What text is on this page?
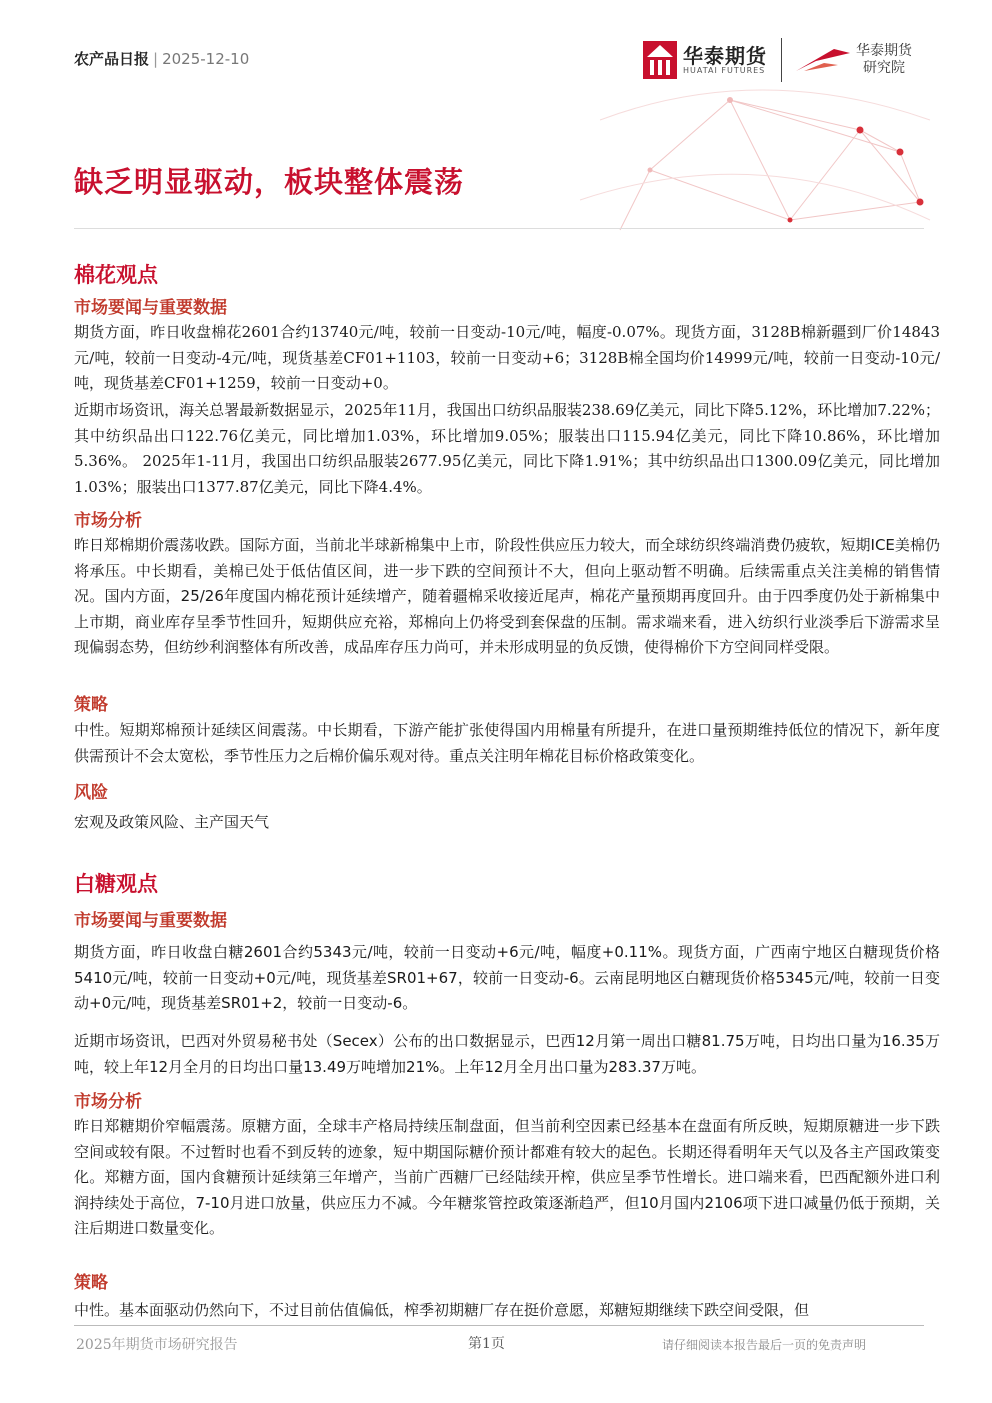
农产品日报 | 2025-12-10	华泰期货
HUATAI FUTURES
华泰期货
研究院
缺乏明显驱动，板块整体震荡
棉花观点
市场要闻与重要数据
期货方面，昨日收盘棉花2601合约13740元/吨，较前一日变动-10元/吨，幅度-0.07%。现货方面，3128B棉新疆到厂价14843元/吨，较前一日变动-4元/吨，现货基差CF01+1103，较前一日变动+6；3128B棉全国均价14999元/吨，较前一日变动-10元/吨，现货基差CF01+1259，较前一日变动+0。
近期市场资讯，海关总署最新数据显示，2025年11月，我国出口纺织品服装238.69亿美元，同比下降5.12%，环比增加7.22%；其中纺织品出口122.76亿美元，同比增加1.03%，环比增加9.05%；服装出口115.94亿美元，同比下降10.86%，环比增加5.36%。 2025年1-11月，我国出口纺织品服装2677.95亿美元，同比下降1.91%；其中纺织品出口1300.09亿美元，同比增加1.03%；服装出口1377.87亿美元，同比下降4.4%。
市场分析
昨日郑棉期价震荡收跌。国际方面，当前北半球新棉集中上市，阶段性供应压力较大，而全球纺织终端消费仍疲软，短期ICE美棉仍将承压。中长期看，美棉已处于低估值区间，进一步下跌的空间预计不大，但向上驱动暂不明确。后续需重点关注美棉的销售情况。国内方面，25/26年度国内棉花预计延续增产，随着疆棉采收接近尾声，棉花产量预期再度回升。由于四季度仍处于新棉集中上市期，商业库存呈季节性回升，短期供应充裕，郑棉向上仍将受到套保盘的压制。需求端来看，进入纺织行业淡季后下游需求呈现偏弱态势，但纺纱利润整体有所改善，成品库存压力尚可，并未形成明显的负反馈，使得棉价下方空间同样受限。
策略
中性。短期郑棉预计延续区间震荡。中长期看，下游产能扩张使得国内用棉量有所提升，在进口量预期维持低位的情况下，新年度供需预计不会太宽松，季节性压力之后棉价偏乐观对待。重点关注明年棉花目标价格政策变化。
风险
宏观及政策风险、主产国天气
白糖观点
市场要闻与重要数据
期货方面，昨日收盘白糖2601合约5343元/吨，较前一日变动+6元/吨，幅度+0.11%。现货方面，广西南宁地区白糖现货价格5410元/吨，较前一日变动+0元/吨，现货基差SR01+67，较前一日变动-6。云南昆明地区白糖现货价格5345元/吨，较前一日变动+0元/吨，现货基差SR01+2，较前一日变动-6。
近期市场资讯，巴西对外贸易秘书处（Secex）公布的出口数据显示，巴西12月第一周出口糖81.75万吨，日均出口量为16.35万吨，较上年12月全月的日均出口量13.49万吨增加21%。上年12月全月出口量为283.37万吨。
市场分析
昨日郑糖期价窄幅震荡。原糖方面，全球丰产格局持续压制盘面，但当前利空因素已经基本在盘面有所反映，短期原糖进一步下跌空间或较有限。不过暂时也看不到反转的迹象，短中期国际糖价预计都难有较大的起色。长期还得看明年天气以及各主产国政策变化。郑糖方面，国内食糖预计延续第三年增产，当前广西糖厂已经陆续开榨，供应呈季节性增长。进口端来看，巴西配额外进口利润持续处于高位，7-10月进口放量，供应压力不减。今年糖浆管控政策逐渐趋严，但10月国内2106项下进口减量仍低于预期，关注后期进口数量变化。
策略
中性。基本面驱动仍然向下，不过目前估值偏低，榨季初期糖厂存在挺价意愿，郑糖短期继续下跌空间受限，但
2025年期货市场研究报告	第1页	请仔细阅读本报告最后一页的免责声明
